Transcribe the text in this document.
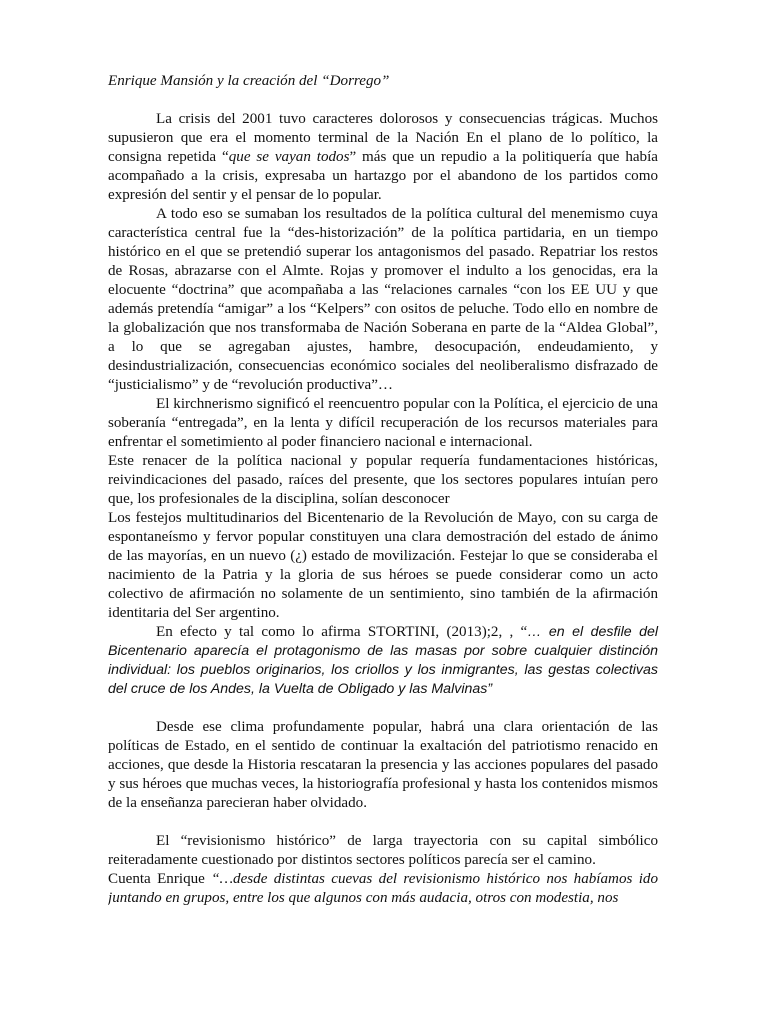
Enrique Mansión y la creación del “Dorrego”

La crisis del 2001 tuvo caracteres dolorosos y consecuencias trágicas. Muchos supusieron que era el momento terminal de la Nación En el plano de lo político, la consigna repetida “que se vayan todos” más que un repudio a la politiquería que había acompañado a la crisis, expresaba un hartazgo por el abandono de los partidos como expresión del sentir y el pensar de lo popular.

A todo eso se sumaban los resultados de la política cultural del menemismo cuya característica central fue la “des-historización” de la política partidaria, en un tiempo histórico en el que se pretendió superar los antagonismos del pasado. Repatriar los restos de Rosas, abrazarse con el Almte. Rojas y promover el indulto a los genocidas, era la elocuente “doctrina” que acompañaba a las “relaciones carnales “con los EE UU y que además pretendía “amigar” a los “Kelpers” con ositos de peluche. Todo ello en nombre de la globalización que nos transformaba de Nación Soberana en parte de la “Aldea Global”, a lo que se agregaban ajustes, hambre, desocupación, endeudamiento, y desindustrialización, consecuencias económico sociales del neoliberalismo disfrazado de “justicialismo” y de “revolución productiva”…

El kirchnerismo significó el reencuentro popular con la Política, el ejercicio de una soberanía “entregada”, en la lenta y difícil recuperación de los recursos materiales para enfrentar el sometimiento al poder financiero nacional e internacional.

Este renacer de la política nacional y popular requería fundamentaciones históricas, reivindicaciones del pasado, raíces del presente, que los sectores populares intuían pero que, los profesionales de la disciplina, solían desconocer

Los festejos multitudinarios del Bicentenario de la Revolución de Mayo, con su carga de espontaneísmo y fervor popular constituyen una clara demostración del estado de ánimo de las mayorías, en un nuevo (¿) estado de movilización. Festejar lo que se consideraba el nacimiento de la Patria y la gloria de sus héroes se puede considerar como un acto colectivo de afirmación no solamente de un sentimiento, sino también de la afirmación identitaria del Ser argentino.

En efecto y tal como lo afirma STORTINI, (2013);2, , “… en el desfile del Bicentenario aparecía el protagonismo de las masas por sobre cualquier distinción individual: los pueblos originarios, los criollos y los inmigrantes, las gestas colectivas del cruce de los Andes, la Vuelta de Obligado y las Malvinas”

Desde ese clima profundamente popular, habrá una clara orientación de las políticas de Estado, en el sentido de continuar la exaltación del patriotismo renacido en acciones, que desde la Historia rescataran la presencia y las acciones populares del pasado y sus héroes que muchas veces, la historiografía profesional y hasta los contenidos mismos de la enseñanza parecieran haber olvidado.

El “revisionismo histórico” de larga trayectoria con su capital simbólico reiteradamente cuestionado por distintos sectores políticos parecía ser el camino.

Cuenta Enrique “…desde distintas cuevas del revisionismo histórico nos habíamos ido juntando en grupos, entre los que algunos con más audacia, otros con modestia, nos
